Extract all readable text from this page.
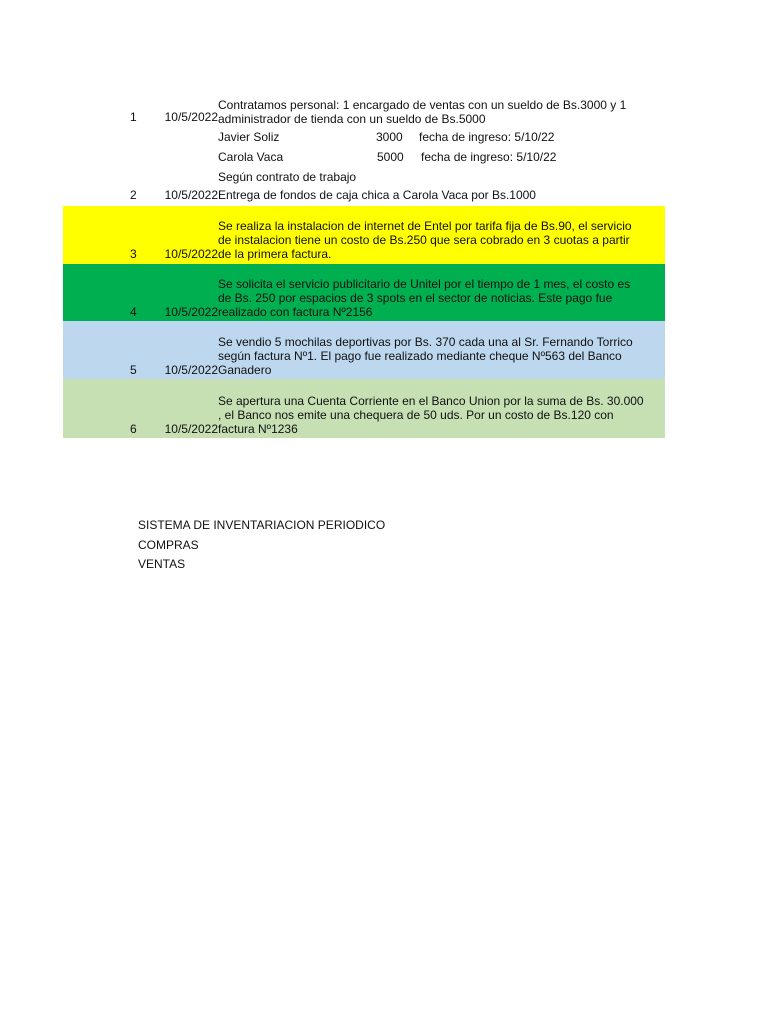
1	10/5/2022
Contratamos personal: 1 encargado de ventas con un sueldo de Bs.3000 y 1
administrador de tienda con un sueldo de Bs.5000
Javier Soliz	3000 fecha de ingreso: 5/10/22
Carola Vaca	5000 fecha de ingreso: 5/10/22
Según contrato de trabajo
2	10/5/2022 Entrega de fondos de caja chica a Carola Vaca por Bs.1000
3	10/5/2022
Se realiza la instalacion de internet de Entel por tarifa fija de Bs.90, el servicio
de instalacion tiene un costo de Bs.250 que sera cobrado en 3 cuotas a partir
de la primera factura.
4	10/5/2022
Se solicita el servicio publicitario de Unitel por el tiempo de 1 mes, el costo es
de Bs. 250 por espacios de 3 spots en el sector de noticias. Este pago fue
realizado con factura Nº2156
5	10/5/2022
Se vendio 5 mochilas deportivas por Bs. 370 cada una al Sr. Fernando Torrico
según factura Nº1. El pago fue realizado mediante cheque Nº563 del Banco
Ganadero
6	10/5/2022
Se apertura una Cuenta Corriente en el Banco Union por la suma de Bs. 30.000
, el Banco nos emite una chequera de 50 uds. Por un costo de Bs.120 con
factura Nº1236
SISTEMA DE INVENTARIACION PERIODICO
COMPRAS
VENTAS
